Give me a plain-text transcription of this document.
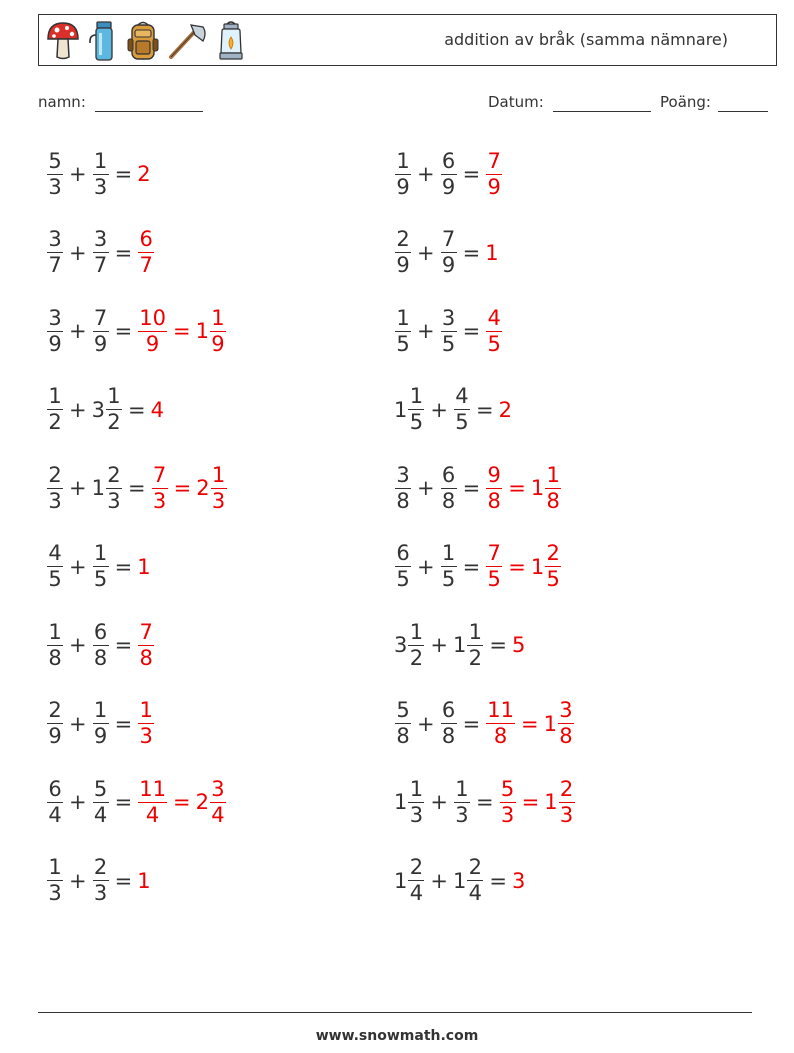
addition av bråk (samma nämnare)
namn:	Datum:	Poäng:
$\frac{5}{3} + \frac{1}{3} = 2$
$\frac{3}{7} + \frac{3}{7} = \frac{6}{7}$
$\frac{3}{9} + \frac{7}{9} = \frac{10}{9} = 1 \frac{1}{9}$
$\frac{1}{2} + 3 \frac{1}{2} = 4$
$\frac{2}{3} + 1 \frac{2}{3} = \frac{7}{3} = 2 \frac{1}{3}$
$\frac{4}{5} + \frac{1}{5} = 1$
$\frac{1}{8} + \frac{6}{8} = \frac{7}{8}$
$\frac{2}{9} + \frac{1}{9} = \frac{1}{3}$
$\frac{6}{4} + \frac{5}{4} = \frac{11}{4} = 2 \frac{3}{4}$
$\frac{1}{3} + \frac{2}{3} = 1$
$\frac{1}{9} + \frac{6}{9} = \frac{7}{9}$
$\frac{2}{9} + \frac{7}{9} = 1$
$\frac{1}{5} + \frac{3}{5} = \frac{4}{5}$
$1 \frac{1}{5} + \frac{4}{5} = 2$
$\frac{3}{8} + \frac{6}{8} = \frac{9}{8} = 1 \frac{1}{8}$
$\frac{6}{5} + \frac{1}{5} = \frac{7}{5} = 1 \frac{2}{5}$
$3 \frac{1}{2} + 1 \frac{1}{2} = 5$
$\frac{5}{8} + \frac{6}{8} = \frac{11}{8} = 1 \frac{3}{8}$
$1 \frac{1}{3} + \frac{1}{3} = \frac{5}{3} = 1 \frac{2}{3}$
$1 \frac{2}{4} + 1 \frac{2}{4} = 3$
www.snowmath.com
